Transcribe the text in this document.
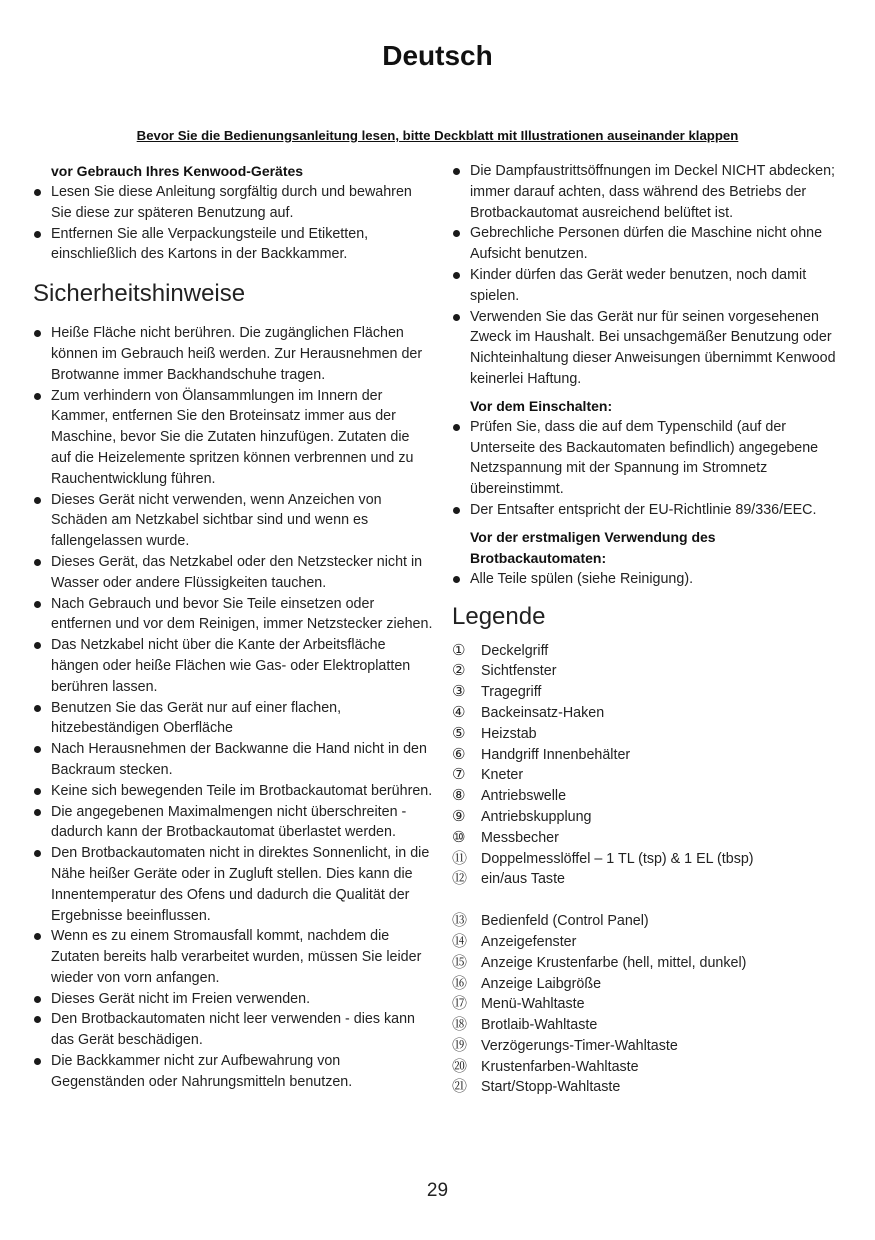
Deutsch

Bevor Sie die Bedienungsanleitung lesen, bitte Deckblatt mit Illustrationen auseinander klappen

vor Gebrauch Ihres Kenwood-Gerätes

Lesen Sie diese Anleitung sorgfältig durch und bewahren Sie diese zur späteren Benutzung auf.
Entfernen Sie alle Verpackungsteile und Etiketten, einschließlich des Kartons in der Backkammer.
Sicherheitshinweise
Heiße Fläche nicht berühren. Die zugänglichen Flächen können im Gebrauch heiß werden. Zur Herausnehmen der Brotwanne immer Backhandschuhe tragen.
Zum verhindern von Ölansammlungen im Innern der Kammer, entfernen Sie den Broteinsatz immer aus der Maschine, bevor Sie die Zutaten hinzufügen. Zutaten die auf die Heizelemente spritzen können verbrennen und zu Rauchentwicklung führen.
Dieses Gerät nicht verwenden, wenn Anzeichen von Schäden am Netzkabel sichtbar sind und wenn es fallengelassen wurde.
Dieses Gerät, das Netzkabel oder den Netzstecker nicht in Wasser oder andere Flüssigkeiten tauchen.
Nach Gebrauch und bevor Sie Teile einsetzen oder entfernen und vor dem Reinigen, immer Netzstecker ziehen.
Das Netzkabel nicht über die Kante der Arbeitsfläche hängen oder heiße Flächen wie Gas- oder Elektroplatten berühren lassen.
Benutzen Sie das Gerät nur auf einer flachen, hitzebeständigen Oberfläche
Nach Herausnehmen der Backwanne die Hand nicht in den Backraum stecken.
Keine sich bewegenden Teile im Brotbackautomat berühren.
Die angegebenen Maximalmengen nicht überschreiten - dadurch kann der Brotbackautomat überlastet werden.
Den Brotbackautomaten nicht in direktes Sonnenlicht, in die Nähe heißer Geräte oder in Zugluft stellen. Dies kann die Innentemperatur des Ofens und dadurch die Qualität der Ergebnisse beeinflussen.
Wenn es zu einem Stromausfall kommt, nachdem die Zutaten bereits halb verarbeitet wurden, müssen Sie leider wieder von vorn anfangen.
Dieses Gerät nicht im Freien verwenden.
Den Brotbackautomaten nicht leer verwenden - dies kann das Gerät beschädigen.
Die Backkammer nicht zur Aufbewahrung von Gegenständen oder Nahrungsmitteln benutzen.
Die Dampfaustrittsöffnungen im Deckel NICHT abdecken; immer darauf achten, dass während des Betriebs der Brotbackautomat ausreichend belüftet ist.
Gebrechliche Personen dürfen die Maschine nicht ohne Aufsicht benutzen.
Kinder dürfen das Gerät weder benutzen, noch damit spielen.
Verwenden Sie das Gerät nur für seinen vorgesehenen Zweck im Haushalt. Bei unsachgemäßer Benutzung oder Nichteinhaltung dieser Anweisungen übernimmt Kenwood keinerlei Haftung.

Vor dem Einschalten:

Prüfen Sie, dass die auf dem Typenschild (auf der Unterseite des Backautomaten befindlich) angegebene Netzspannung mit der Spannung im Stromnetz übereinstimmt.
Der Entsafter entspricht der EU-Richtlinie 89/336/EEC.

Vor der erstmaligen Verwendung des Brotbackautomaten:

Alle Teile spülen (siehe Reinigung).
Legende
①	Deckelgriff
②	Sichtfenster
③	Tragegriff
④	Backeinsatz-Haken
⑤	Heizstab
⑥	Handgriff Innenbehälter
⑦	Kneter
⑧	Antriebswelle
⑨	Antriebskupplung
⑩	Messbecher
⑪ Doppelmesslöffel – 1 TL (tsp) & 1 EL (tbsp)
⑫ ein/aus Taste
⑬ Bedienfeld (Control Panel)
⑭ Anzeigefenster
⑮ Anzeige Krustenfarbe (hell, mittel, dunkel)
⑯ Anzeige Laibgröße
⑰ Menü-Wahltaste
⑱ Brotlaib-Wahltaste
⑲ Verzögerungs-Timer-Wahltaste
⑳ Krustenfarben-Wahltaste
㉑ Start/Stopp-Wahltaste
29
